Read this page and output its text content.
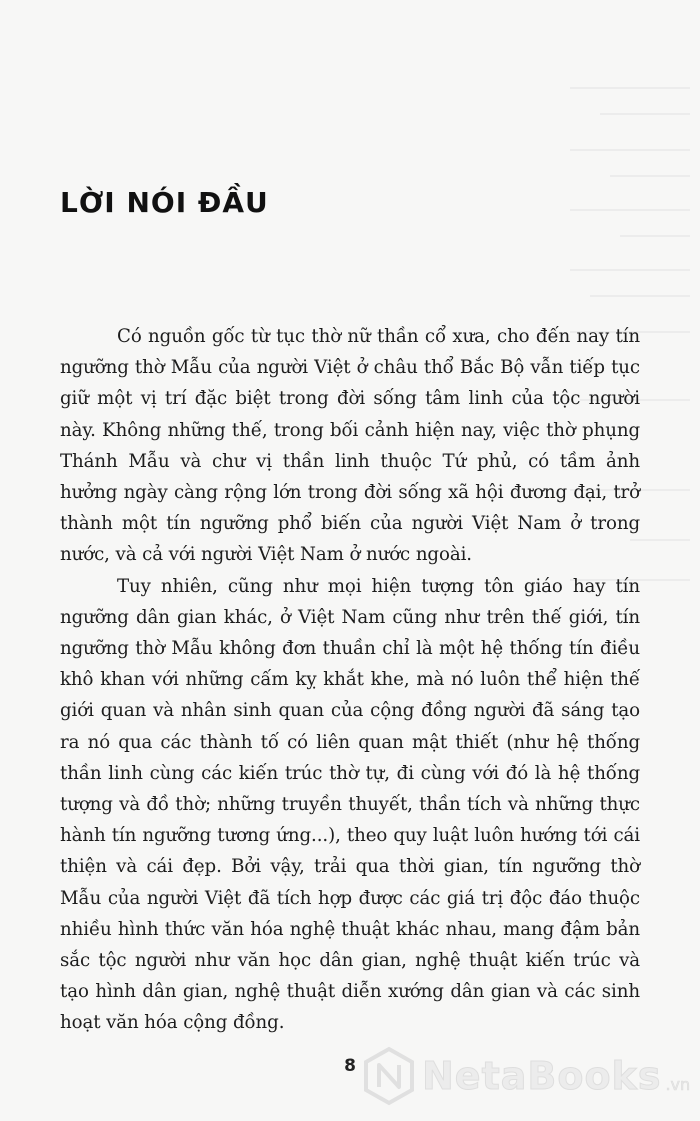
LỜI NÓI ĐẦU

Có nguồn gốc từ tục thờ nữ thần cổ xưa, cho đến nay tín ngưỡng thờ Mẫu của người Việt ở châu thổ Bắc Bộ vẫn tiếp tục giữ một vị trí đặc biệt trong đời sống tâm linh của tộc người này. Không những thế, trong bối cảnh hiện nay, việc thờ phụng Thánh Mẫu và chư vị thần linh thuộc Tứ phủ, có tầm ảnh hưởng ngày càng rộng lớn trong đời sống xã hội đương đại, trở thành một tín ngưỡng phổ biến của người Việt Nam ở trong nước, và cả với người Việt Nam ở nước ngoài.

Tuy nhiên, cũng như mọi hiện tượng tôn giáo hay tín ngưỡng dân gian khác, ở Việt Nam cũng như trên thế giới, tín ngưỡng thờ Mẫu không đơn thuần chỉ là một hệ thống tín điều khô khan với những cấm kỵ khắt khe, mà nó luôn thể hiện thế giới quan và nhân sinh quan của cộng đồng người đã sáng tạo ra nó qua các thành tố có liên quan mật thiết (như hệ thống thần linh cùng các kiến trúc thờ tự, đi cùng với đó là hệ thống tượng và đồ thờ; những truyền thuyết, thần tích và những thực hành tín ngưỡng tương ứng...), theo quy luật luôn hướng tới cái thiện và cái đẹp. Bởi vậy, trải qua thời gian, tín ngưỡng thờ Mẫu của người Việt đã tích hợp được các giá trị độc đáo thuộc nhiều hình thức văn hóa nghệ thuật khác nhau, mang đậm bản sắc tộc người như văn học dân gian, nghệ thuật kiến trúc và tạo hình dân gian, nghệ thuật diễn xướng dân gian và các sinh hoạt văn hóa cộng đồng.

8	NetaBooks .vn
